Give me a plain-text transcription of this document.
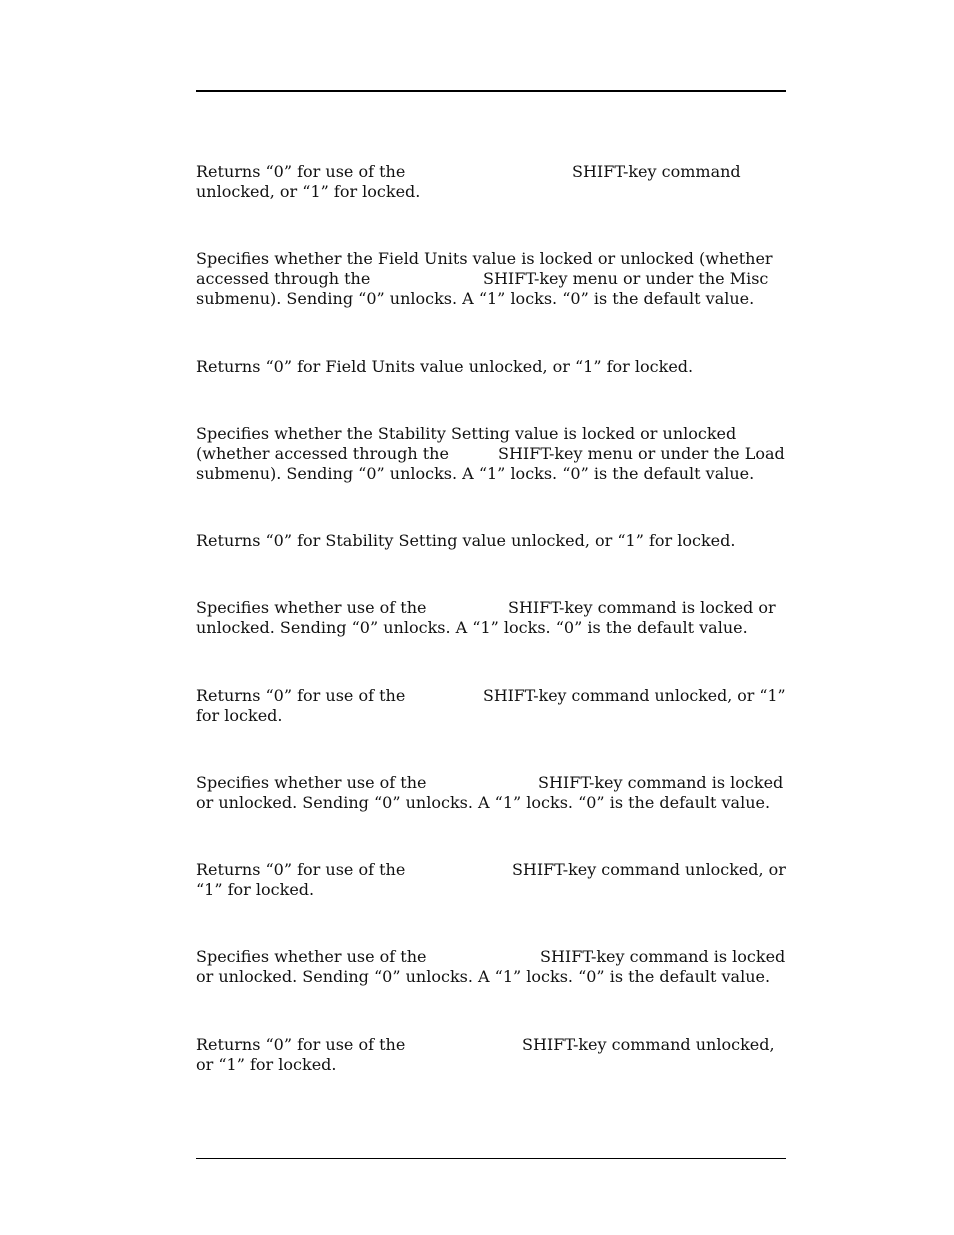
Returns “0” for use of the	SHIFT-key command
unlocked, or “1” for locked.
Specifies whether the Field Units value is locked or unlocked (whether
accessed through the	SHIFT-key menu or under the Misc
submenu). Sending “0” unlocks. A “1” locks. “0” is the default value.
Returns “0” for Field Units value unlocked, or “1” for locked.
Specifies whether the Stability Setting value is locked or unlocked
(whether accessed through the	SHIFT-key menu or under the Load
submenu). Sending “0” unlocks. A “1” locks. “0” is the default value.
Returns “0” for Stability Setting value unlocked, or “1” for locked.
Specifies whether use of the	SHIFT-key command is locked or
unlocked. Sending “0” unlocks. A “1” locks. “0” is the default value.
Returns “0” for use of the	SHIFT-key command unlocked, or “1”
for locked.
Specifies whether use of the	SHIFT-key command is locked
or unlocked. Sending “0” unlocks. A “1” locks. “0” is the default value.
Returns “0” for use of the	SHIFT-key command unlocked, or
“1” for locked.
Specifies whether use of the	SHIFT-key command is locked
or unlocked. Sending “0” unlocks. A “1” locks. “0” is the default value.
Returns “0” for use of the	SHIFT-key command unlocked,
or “1” for locked.
